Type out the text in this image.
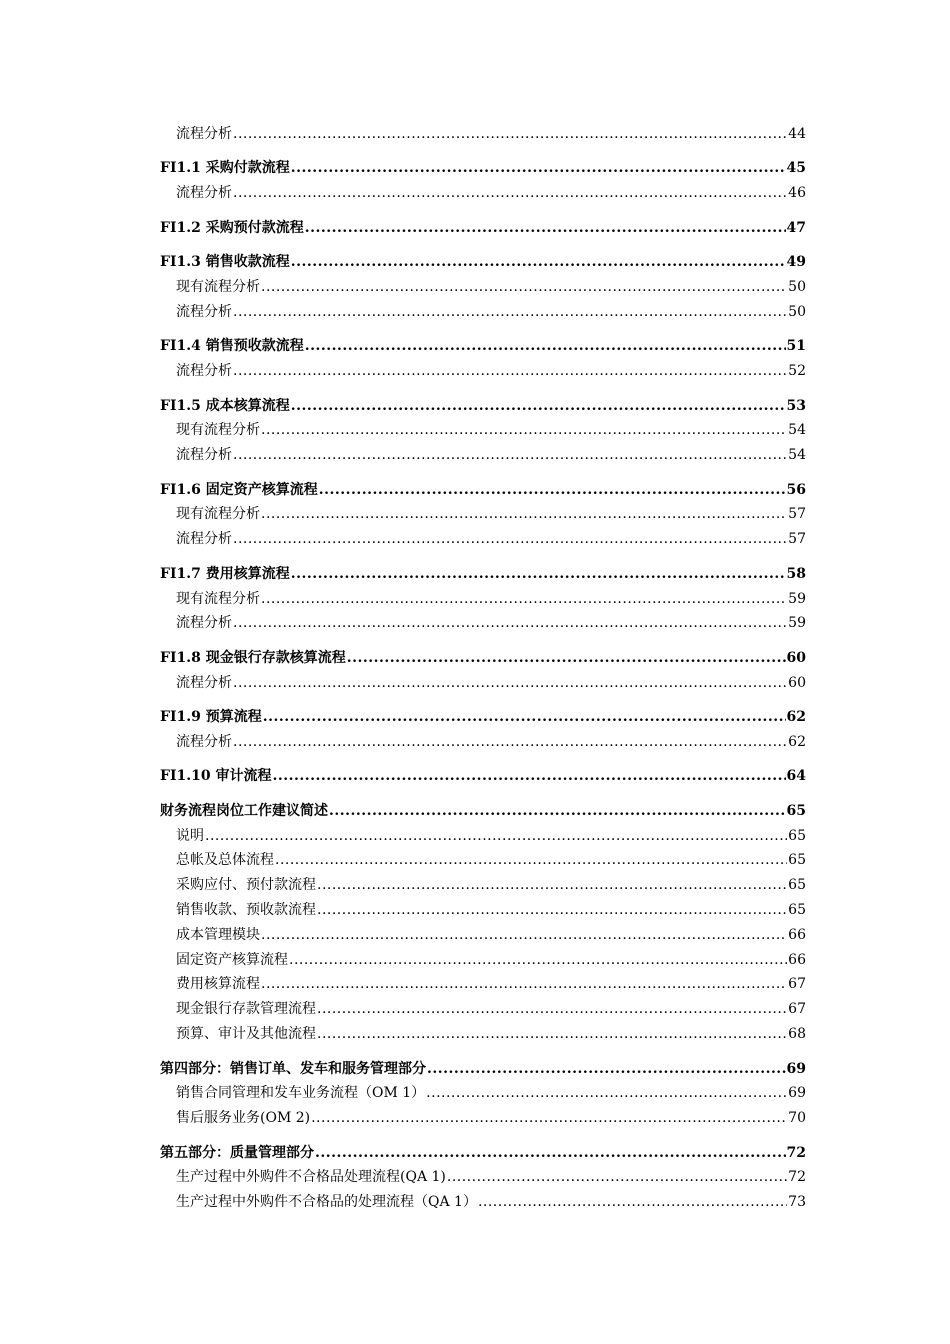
流程分析 .....	44
FI1.1 采购付款流程 .....	45
流程分析 .....	46
FI1.2 采购预付款流程 .....	47
FI1.3 销售收款流程 .....	49
现有流程分析 .....	50
流程分析 .....	50
FI1.4 销售预收款流程 .....	51
流程分析 .....	52
FI1.5 成本核算流程 .....	53
现有流程分析 .....	54
流程分析 .....	54
FI1.6 固定资产核算流程 .....	56
现有流程分析 .....	57
流程分析 .....	57
FI1.7 费用核算流程 .....	58
现有流程分析 .....	59
流程分析 .....	59
FI1.8 现金银行存款核算流程 .....	60
流程分析 .....	60
FI1.9 预算流程 .....	62
流程分析 .....	62
FI1.10 审计流程 .....	64
财务流程岗位工作建议简述 .....	65
说明 .....	65
总帐及总体流程 .....	65
采购应付、预付款流程 .....	65
销售收款、预收款流程 .....	65
成本管理模块 .....	66
固定资产核算流程 .....	66
费用核算流程 .....	67
现金银行存款管理流程 .....	67
预算、审计及其他流程 .....	68
第四部分：销售订单、发车和服务管理部分 .....	69
销售合同管理和发车业务流程（OM 1） .....	69
售后服务业务(OM 2) .....	70
第五部分：质量管理部分 .....	72
生产过程中外购件不合格品处理流程(QA 1) .....	72
生产过程中外购件不合格品的处理流程（QA 1） .....	73
